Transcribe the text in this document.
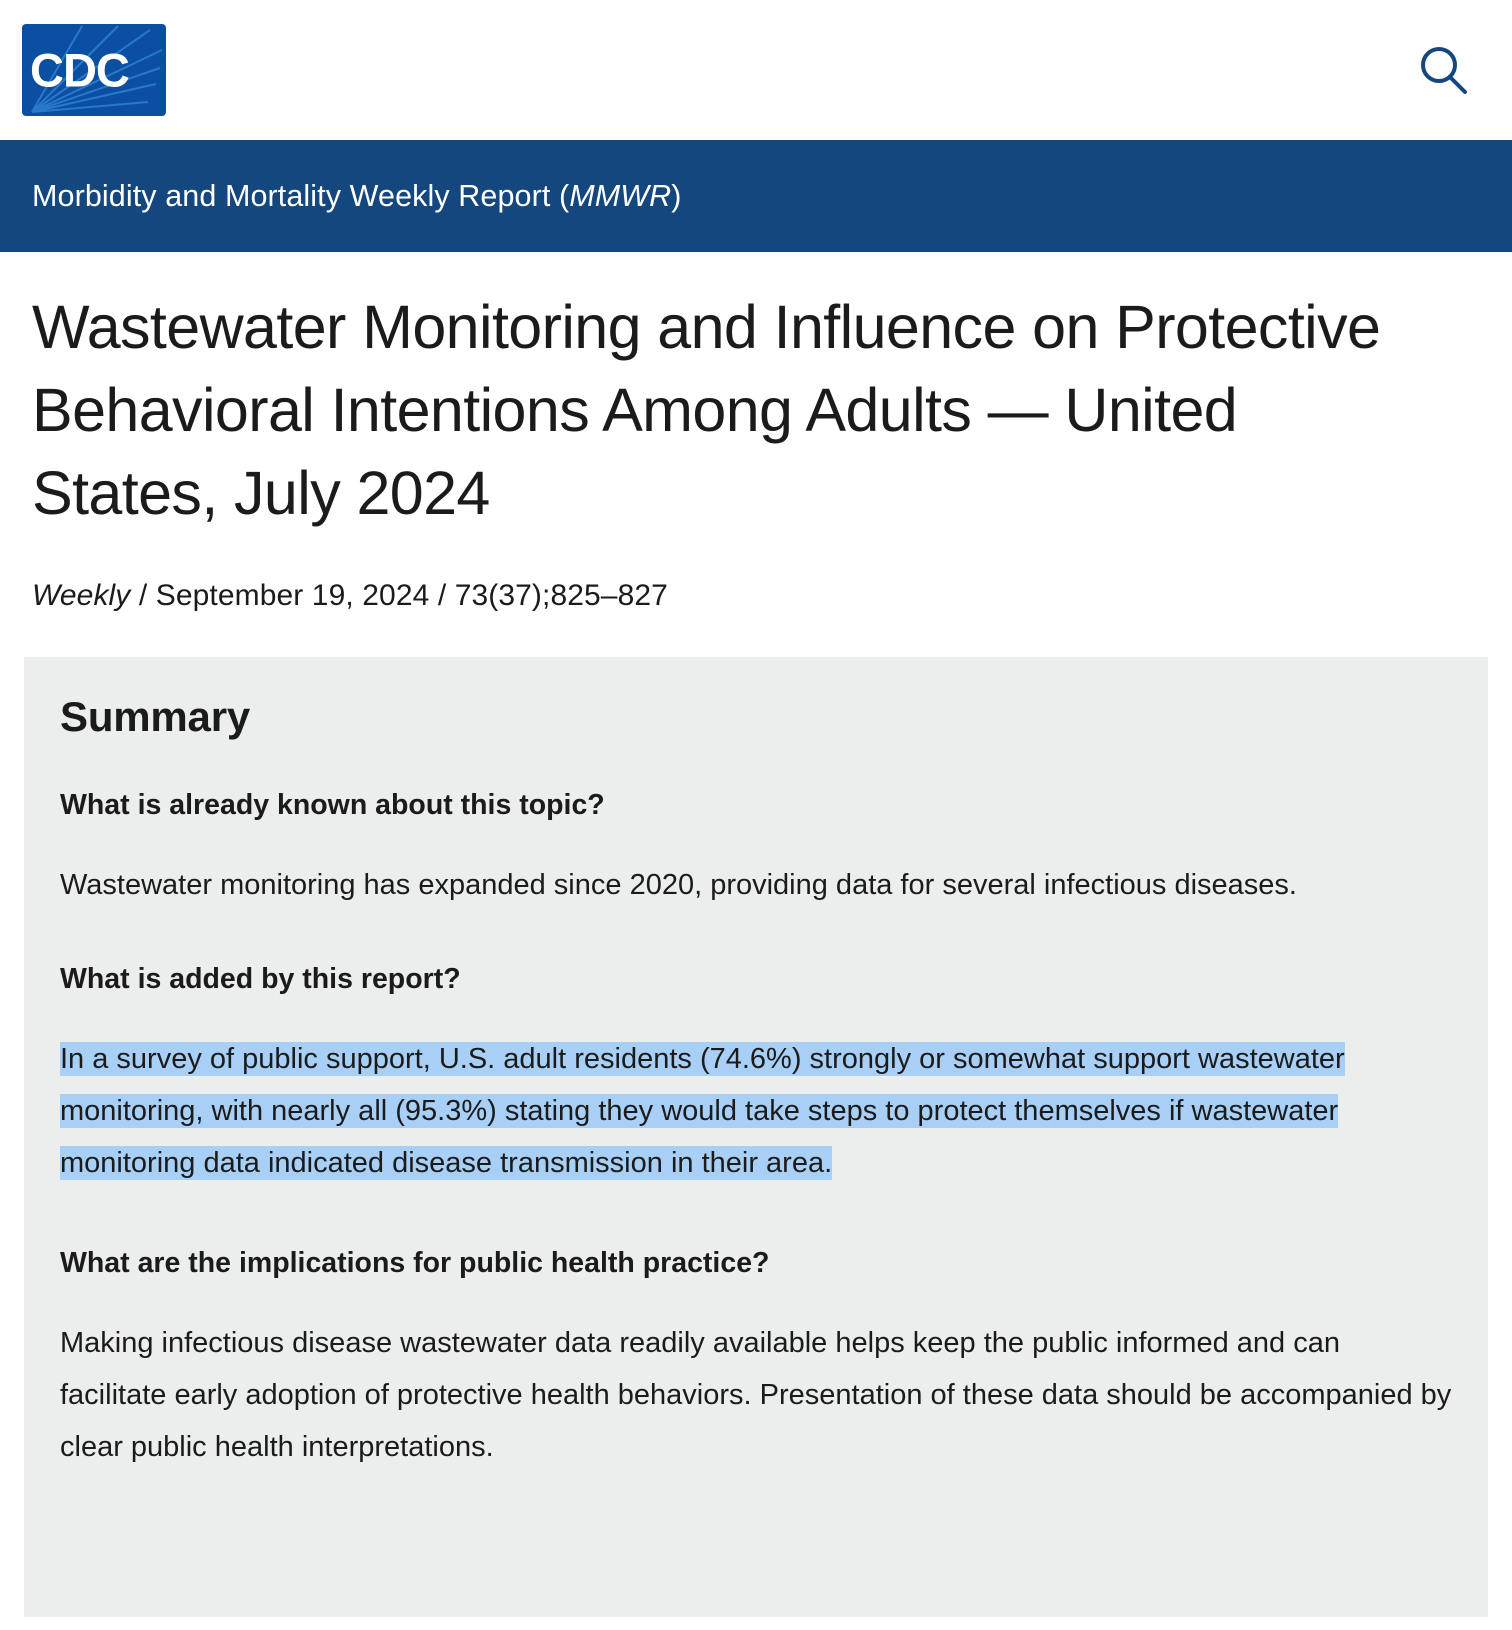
CDC
Morbidity and Mortality Weekly Report (MMWR)
Wastewater Monitoring and Influence on Protective Behavioral Intentions Among Adults — United States, July 2024
Weekly / September 19, 2024 / 73(37);825–827
Summary

What is already known about this topic?

Wastewater monitoring has expanded since 2020, providing data for several infectious diseases.

What is added by this report?

In a survey of public support, U.S. adult residents (74.6%) strongly or somewhat support wastewater monitoring, with nearly all (95.3%) stating they would take steps to protect themselves if wastewater monitoring data indicated disease transmission in their area.

What are the implications for public health practice?

Making infectious disease wastewater data readily available helps keep the public informed and can facilitate early adoption of protective health behaviors. Presentation of these data should be accompanied by clear public health interpretations.
